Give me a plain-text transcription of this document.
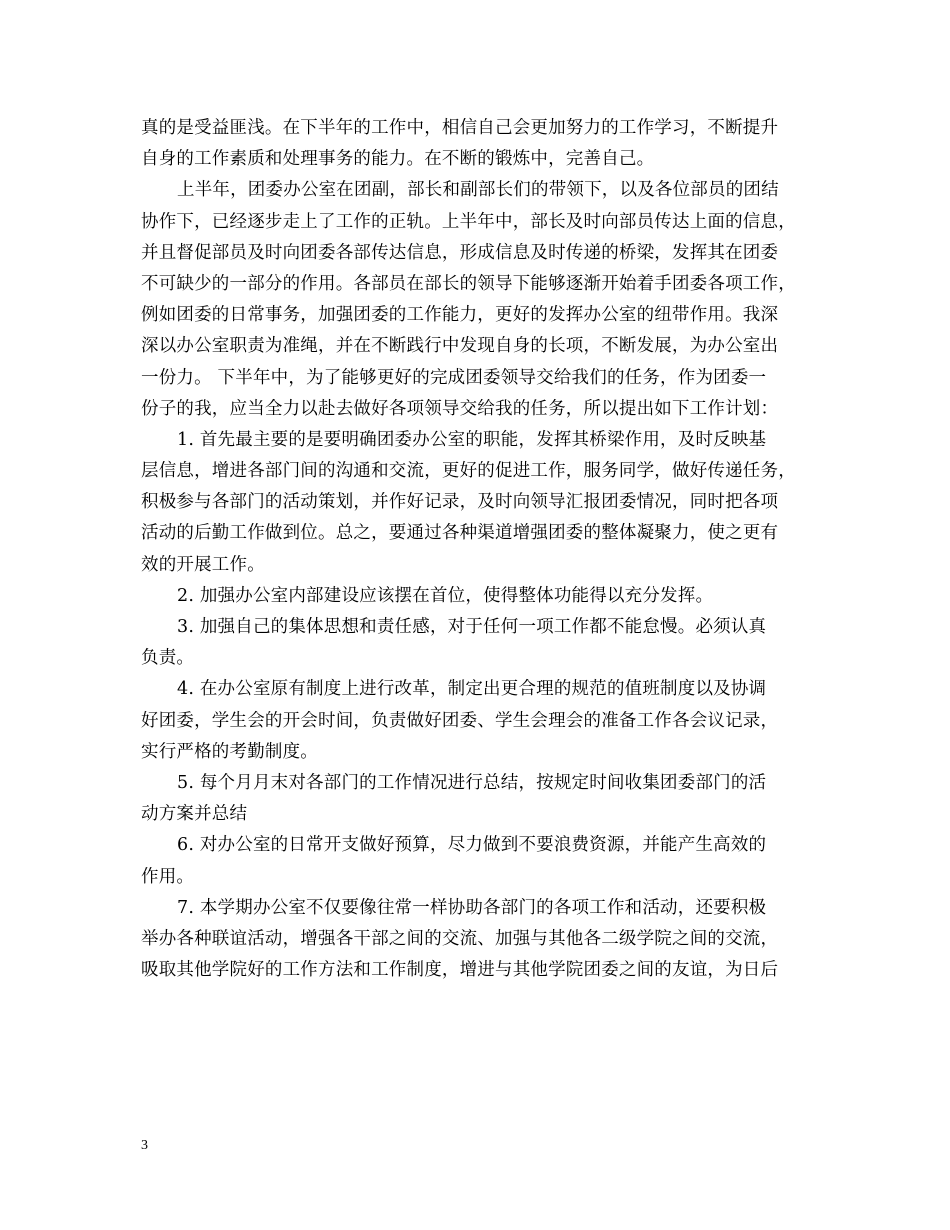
真的是受益匪浅。在下半年的工作中，相信自己会更加努力的工作学习，不断提升
自身的工作素质和处理事务的能力。在不断的锻炼中，完善自己。
上半年，团委办公室在团副，部长和副部长们的带领下，以及各位部员的团结
协作下，已经逐步走上了工作的正轨。上半年中，部长及时向部员传达上面的信息，
并且督促部员及时向团委各部传达信息，形成信息及时传递的桥梁，发挥其在团委
不可缺少的一部分的作用。各部员在部长的领导下能够逐渐开始着手团委各项工作，
例如团委的日常事务，加强团委的工作能力，更好的发挥办公室的纽带作用。我深
深以办公室职责为准绳，并在不断践行中发现自身的长项，不断发展，为办公室出
一份力。 下半年中，为了能够更好的完成团委领导交给我们的任务，作为团委一
份子的我，应当全力以赴去做好各项领导交给我的任务，所以提出如下工作计划：
1. 首先最主要的是要明确团委办公室的职能，发挥其桥梁作用，及时反映基
层信息，增进各部门间的沟通和交流，更好的促进工作，服务同学，做好传递任务，
积极参与各部门的活动策划，并作好记录，及时向领导汇报团委情况，同时把各项
活动的后勤工作做到位。总之，要通过各种渠道增强团委的整体凝聚力，使之更有
效的开展工作。
2. 加强办公室内部建设应该摆在首位，使得整体功能得以充分发挥。
3. 加强自己的集体思想和责任感，对于任何一项工作都不能怠慢。必须认真
负责。
4. 在办公室原有制度上进行改革，制定出更合理的规范的值班制度以及协调
好团委，学生会的开会时间，负责做好团委、学生会理会的准备工作各会议记录，
实行严格的考勤制度。
5. 每个月月末对各部门的工作情况进行总结，按规定时间收集团委部门的活
动方案并总结
6. 对办公室的日常开支做好预算，尽力做到不要浪费资源，并能产生高效的
作用。
7. 本学期办公室不仅要像往常一样协助各部门的各项工作和活动，还要积极
举办各种联谊活动，增强各干部之间的交流、加强与其他各二级学院之间的交流，
吸取其他学院好的工作方法和工作制度，增进与其他学院团委之间的友谊，为日后
3
